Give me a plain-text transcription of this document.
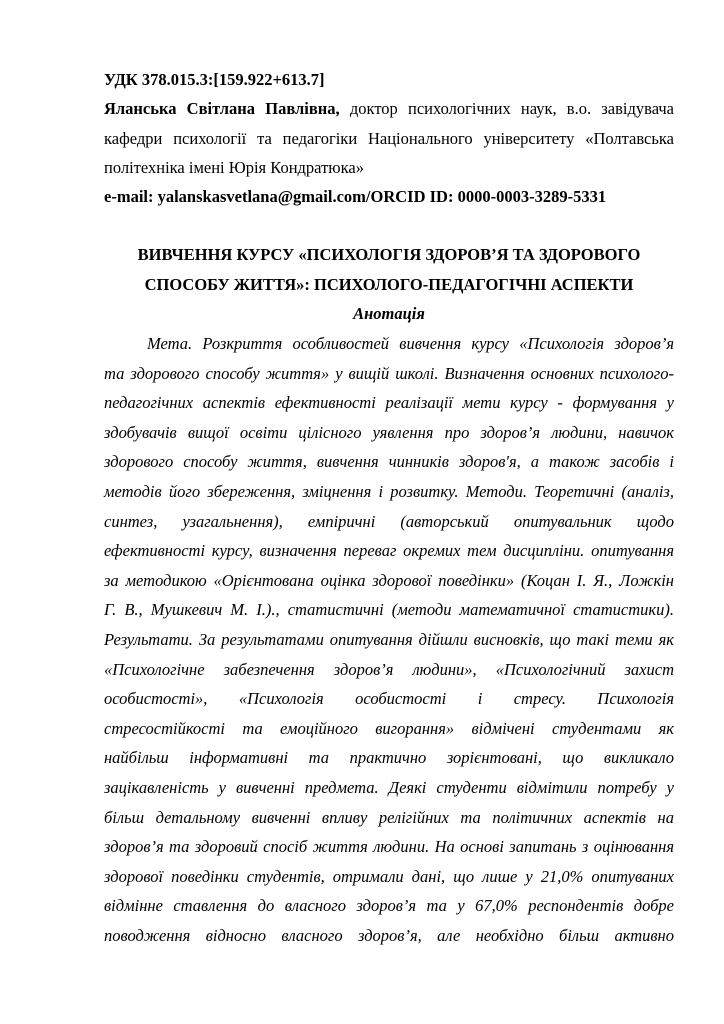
УДК 378.015.3:[159.922+613.7]
Яланська Світлана Павлівна, доктор психологічних наук, в.о. завідувача
кафедри психології та педагогіки Національного університету «Полтавська
політехніка імені Юрія Кондратюка»
e-mail: yalanskasvetlana@gmail.com/ORCID ID: 0000-0003-3289-5331
ВИВЧЕННЯ КУРСУ «ПСИХОЛОГІЯ ЗДОРОВ’Я ТА ЗДОРОВОГО
СПОСОБУ ЖИТТЯ»: ПСИХОЛОГО-ПЕДАГОГІЧНІ АСПЕКТИ
Анотація
Мета. Розкриття особливостей вивчення курсу «Психологія здоров’я
та здорового способу життя» у вищій школі. Визначення основних психолого-
педагогічних аспектів ефективності реалізації мети курсу - формування у
здобувачів вищої освіти цілісного уявлення про здоров’я людини, навичок
здорового способу життя, вивчення чинників здоров'я, а також засобів і
методів його збереження, зміцнення і розвитку. Методи. Теоретичні (аналіз,
синтез, узагальнення), емпіричні (авторський опитувальник щодо
ефективності курсу, визначення переваг окремих тем дисципліни. опитування
за методикою «Орієнтована оцінка здорової поведінки» (Коцан І. Я., Ложкін
Г. В., Мушкевич М. І.)., статистичні (методи математичної статистики).
Результати. За результатами опитування дійшли висновків, що такі теми як
«Психологічне забезпечення здоров’я людини», «Психологічний захист
особистості», «Психологія особистості і стресу. Психологія
стресостійкості та емоційного вигорання» відмічені студентами як
найбільш інформативні та практично зорієнтовані, що викликало
зацікавленість у вивченні предмета. Деякі студенти відмітили потребу у
більш детальному вивченні впливу релігійних та політичних аспектів на
здоров’я та здоровий спосіб життя людини. На основі запитань з оцінювання
здорової поведінки студентів, отримали дані, що лише у 21,0% опитуваних
відмінне ставлення до власного здоров’я та у 67,0% респондентів добре
поводження відносно власного здоров’я, але необхідно більш активно
